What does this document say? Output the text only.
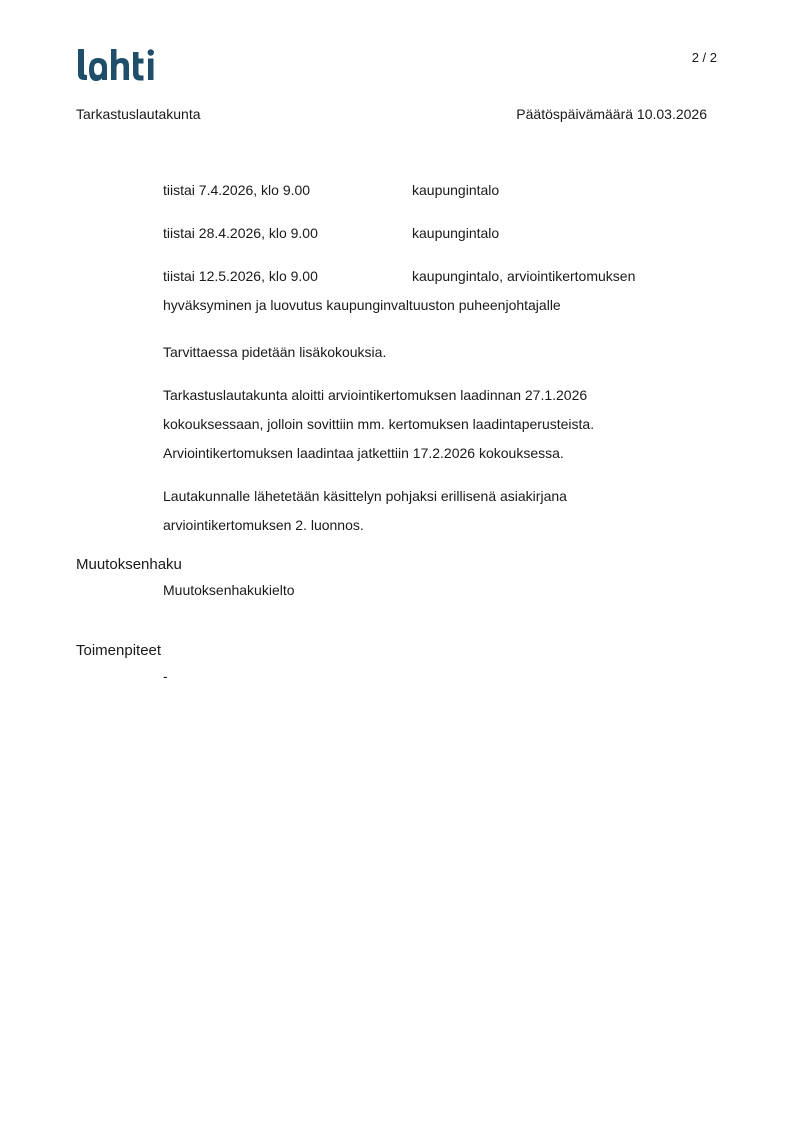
2 / 2
Tarkastuslautakunta	Päätöspäivämäärä 10.03.2026
tiistai 7.4.2026, klo 9.00	kaupungintalo
tiistai 28.4.2026, klo 9.00	kaupungintalo
tiistai 12.5.2026, klo 9.00	kaupungintalo, arviointikertomuksen
hyväksyminen ja luovutus kaupunginvaltuuston puheenjohtajalle

Tarvittaessa pidetään lisäkokouksia.

Tarkastuslautakunta aloitti arviointikertomuksen laadinnan 27.1.2026 kokouksessaan, jolloin sovittiin mm. kertomuksen laadintaperusteista. Arviointikertomuksen laadintaa jatkettiin 17.2.2026 kokouksessa.

Lautakunnalle lähetetään käsittelyn pohjaksi erillisenä asiakirjana arviointikertomuksen 2. luonnos.

Muutoksenhaku
Muutoksenhakukielto
Toimenpiteet
-
